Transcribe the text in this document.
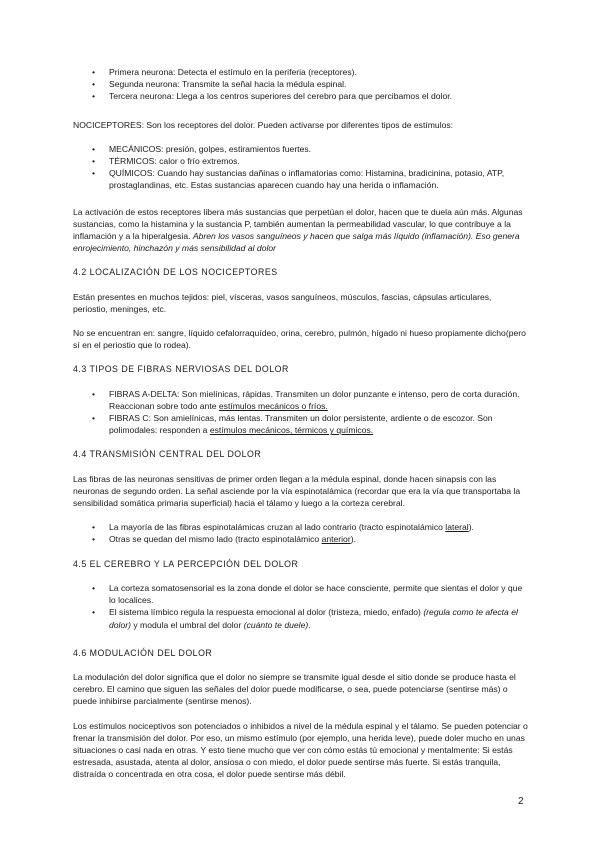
• Primera neurona: Detecta el estímulo en la periferia (receptores).
• Segunda neurona: Transmite la señal hacia la médula espinal.
• Tercera neurona: Llega a los centros superiores del cerebro para que percibamos el dolor.

NOCICEPTORES: Son los receptores del dolor. Pueden activarse por diferentes tipos de estímulos:

• MECÁNICOS: presión, golpes, estiramientos fuertes.
• TÉRMICOS: calor o frío extremos.
• QUÍMICOS: Cuando hay sustancias dañinas o inflamatorias como: Histamina, bradicinina, potasio, ATP, prostaglandinas, etc. Estas sustancias aparecen cuando hay una herida o inflamación.

La activación de estos receptores libera más sustancias que perpetúan el dolor, hacen que te duela aún más. Algunas sustancias, como la histamina y la sustancia P, también aumentan la permeabilidad vascular, lo que contribuye a la inflamación y a la hiperalgesia. Abren los vasos sanguíneos y hacen que salga más líquido (inflamación). Eso genera enrojecimiento, hinchazón y más sensibilidad al dolor

4.2 LOCALIZACIÓN DE LOS NOCICEPTORES

Están presentes en muchos tejidos: piel, vísceras, vasos sanguíneos, músculos, fascias, cápsulas articulares, periostio, meninges, etc.

No se encuentran en: sangre, líquido cefalorraquídeo, orina, cerebro, pulmón, hígado ni hueso propiamente dicho(pero sí en el periostio que lo rodea).

4.3 TIPOS DE FIBRAS NERVIOSAS DEL DOLOR
• FIBRAS A-DELTA: Son mielínicas, rápidas. Transmiten un dolor punzante e intenso, pero de corta duración. Reaccionan sobre todo ante estímulos mecánicos o fríos.
• FIBRAS C: Son amielínicas, más lentas. Transmiten un dolor persistente, ardiente o de escozor. Son polimodales: responden a estímulos mecánicos, térmicos y químicos.
4.4 TRANSMISIÓN CENTRAL DEL DOLOR

Las fibras de las neuronas sensitivas de primer orden llegan a la médula espinal, donde hacen sinapsis con las neuronas de segundo orden. La señal asciende por la vía espinotalámica (recordar que era la vía que transportaba la sensibilidad somática primaria superficial) hacia el tálamo y luego a la corteza cerebral.

• La mayoría de las fibras espinotalámicas cruzan al lado contrario (tracto espinotalámico lateral).
• Otras se quedan del mismo lado (tracto espinotalámico anterior).
4.5 EL CEREBRO Y LA PERCEPCIÓN DEL DOLOR
• La corteza somatosensorial es la zona donde el dolor se hace consciente, permite que sientas el dolor y que lo localices.
• El sistema límbico regula la respuesta emocional al dolor (tristeza, miedo, enfado) (regula como te afecta el dolor) y modula el umbral del dolor (cuánto te duele).
4.6 MODULACIÓN DEL DOLOR

La modulación del dolor significa que el dolor no siempre se transmite igual desde el sitio donde se produce hasta el cerebro. El camino que siguen las señales del dolor puede modificarse, o sea, puede potenciarse (sentirse más) o puede inhibirse parcialmente (sentirse menos).

Los estímulos nociceptivos son potenciados o inhibidos a nivel de la médula espinal y el tálamo. Se pueden potenciar o frenar la transmisión del dolor. Por eso, un mismo estímulo (por ejemplo, una herida leve), puede doler mucho en unas situaciones o casi nada en otras. Y esto tiene mucho que ver con cómo estás tú emocional y mentalmente: Si estás estresada, asustada, atenta al dolor, ansiosa o con miedo, el dolor puede sentirse más fuerte. Si estás tranquila, distraída o concentrada en otra cosa, el dolor puede sentirse más débil.

2
